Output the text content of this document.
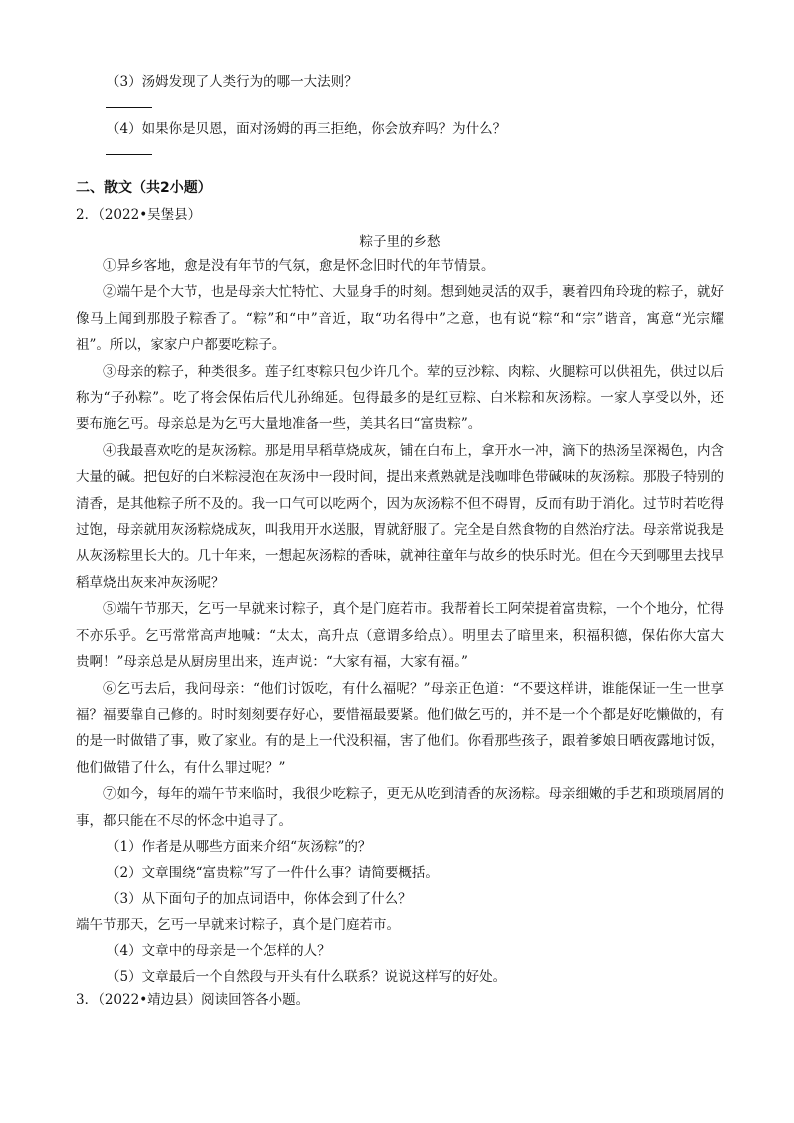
（3）汤姆发现了人类行为的哪一大法则？
（4）如果你是贝恩，面对汤姆的再三拒绝，你会放弃吗？为什么？
二、散文（共2小题）
2．（2022•吴堡县）
粽子里的乡愁
①异乡客地，愈是没有年节的气氛，愈是怀念旧时代的年节情景。
②端午是个大节，也是母亲大忙特忙、大显身手的时刻。想到她灵活的双手，裹着四角玲珑的粽子，就好像马上闻到那股子粽香了。“粽”和“中”音近，取“功名得中”之意，也有说“粽“和“宗”谐音，寓意“光宗耀祖”。所以，家家户户都要吃粽子。
③母亲的粽子，种类很多。莲子红枣粽只包少许几个。荤的豆沙粽、肉粽、火腿粽可以供祖先，供过以后称为“子孙粽”。吃了将会保佑后代儿孙绵延。包得最多的是红豆粽、白米粽和灰汤粽。一家人享受以外，还要布施乞丐。母亲总是为乞丐大量地准备一些，美其名曰“富贵粽”。
④我最喜欢吃的是灰汤粽。那是用早稻草烧成灰，铺在白布上，拿开水一冲，滴下的热汤呈深褐色，内含大量的碱。把包好的白米粽浸泡在灰汤中一段时间，提出来煮熟就是浅咖啡色带碱味的灰汤粽。那股子特别的清香，是其他粽子所不及的。我一口气可以吃两个，因为灰汤粽不但不碍胃，反而有助于消化。过节时若吃得过饱，母亲就用灰汤粽烧成灰，叫我用开水送服，胃就舒服了。完全是自然食物的自然治疗法。母亲常说我是从灰汤粽里长大的。几十年来，一想起灰汤粽的香味，就神往童年与故乡的快乐时光。但在今天到哪里去找早稻草烧出灰来冲灰汤呢？
⑤端午节那天，乞丐一早就来讨粽子，真个是门庭若市。我帮着长工阿荣提着富贵粽，一个个地分，忙得不亦乐乎。乞丐常常高声地喊：“太太，高升点（意谓多给点）。明里去了暗里来，积福积德，保佑你大富大贵啊！”母亲总是从厨房里出来，连声说：“大家有福，大家有福。”
⑥乞丐去后，我问母亲：“他们讨饭吃，有什么福呢？”母亲正色道：“不要这样讲，谁能保证一生一世享福？福要靠自己修的。时时刻刻要存好心，要惜福最要紧。他们做乞丐的，并不是一个个都是好吃懒做的，有的是一时做错了事，败了家业。有的是上一代没积福，害了他们。你看那些孩子，跟着爹娘日晒夜露地讨饭，他们做错了什么，有什么罪过呢？”
⑦如今，每年的端午节来临时，我很少吃粽子，更无从吃到清香的灰汤粽。母亲细嫩的手艺和琐琐屑屑的事，都只能在不尽的怀念中追寻了。
（1）作者是从哪些方面来介绍“灰汤粽”的？
（2）文章围绕“富贵粽”写了一件什么事？请简要概括。
（3）从下面句子的加点词语中，你体会到了什么？
端午节那天，乞丐一早就来讨粽子，真个是门庭若市。
（4）文章中的母亲是一个怎样的人？
（5）文章最后一个自然段与开头有什么联系？说说这样写的好处。
3．（2022•靖边县）阅读回答各小题。
